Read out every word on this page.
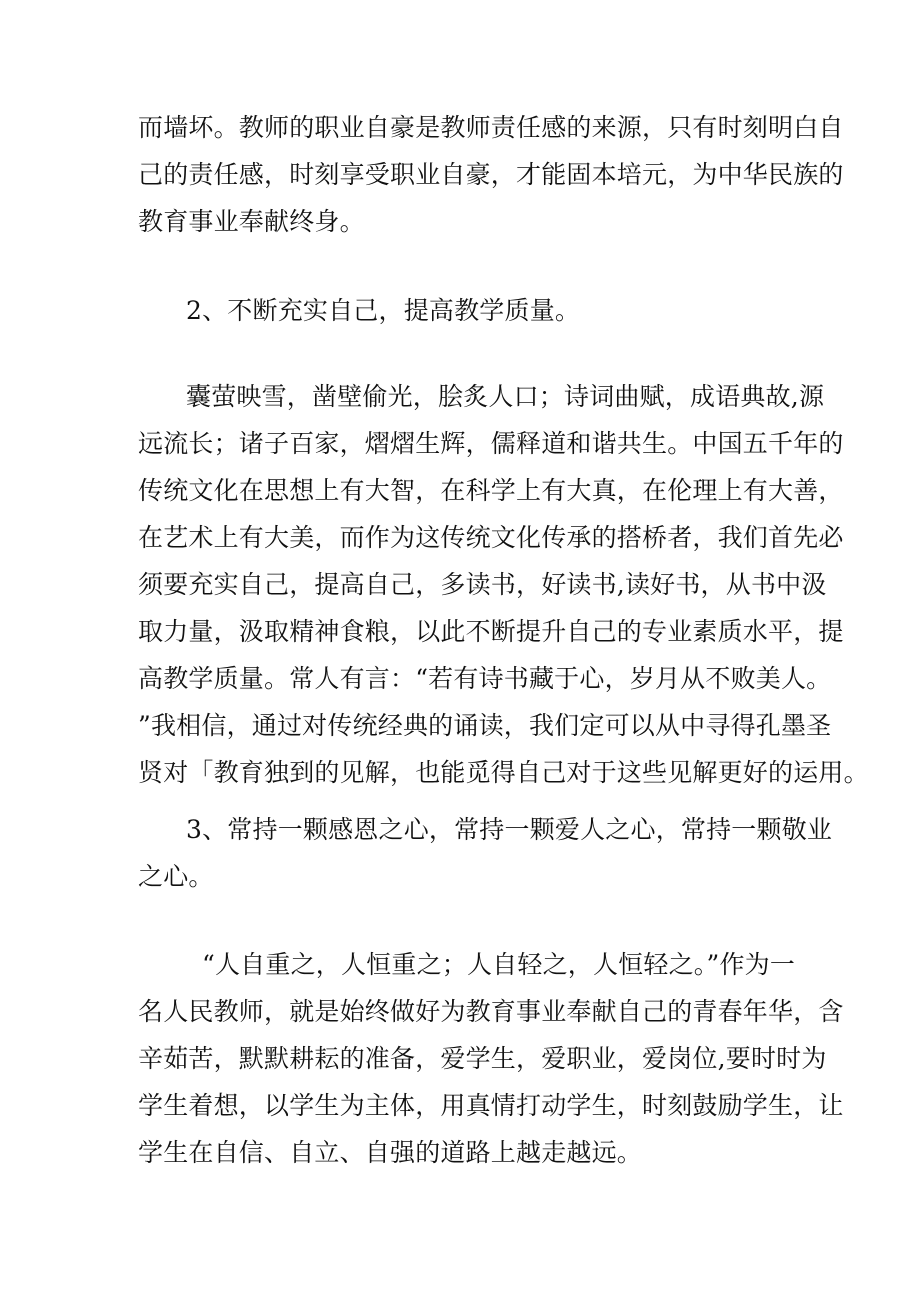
而墙坏。教师的职业自豪是教师责任感的来源，只有时刻明白自
己的责任感，时刻享受职业自豪，才能固本培元，为中华民族的
教育事业奉献终身。
2、不断充实自己，提高教学质量。
囊萤映雪，凿壁偷光，脍炙人口；诗词曲赋，成语典故,源
远流长；诸子百家，熠熠生辉，儒释道和谐共生。中国五千年的
传统文化在思想上有大智，在科学上有大真，在伦理上有大善，
在艺术上有大美，而作为这传统文化传承的搭桥者，我们首先必
须要充实自己，提高自己，多读书，好读书,读好书，从书中汲
取力量，汲取精神食粮，以此不断提升自己的专业素质水平，提
高教学质量。常人有言：“若有诗书藏于心，岁月从不败美人。
”我相信，通过对传统经典的诵读，我们定可以从中寻得孔墨圣
贤对「教育独到的见解，也能觅得自己对于这些见解更好的运用。
3、常持一颗感恩之心，常持一颗爱人之心，常持一颗敬业
之心。
“人自重之，人恒重之；人自轻之，人恒轻之。”作为一
名人民教师，就是始终做好为教育事业奉献自己的青春年华，含
辛茹苦，默默耕耘的准备，爱学生，爱职业，爱岗位,要时时为
学生着想，以学生为主体，用真情打动学生，时刻鼓励学生，让
学生在自信、自立、自强的道路上越走越远。
